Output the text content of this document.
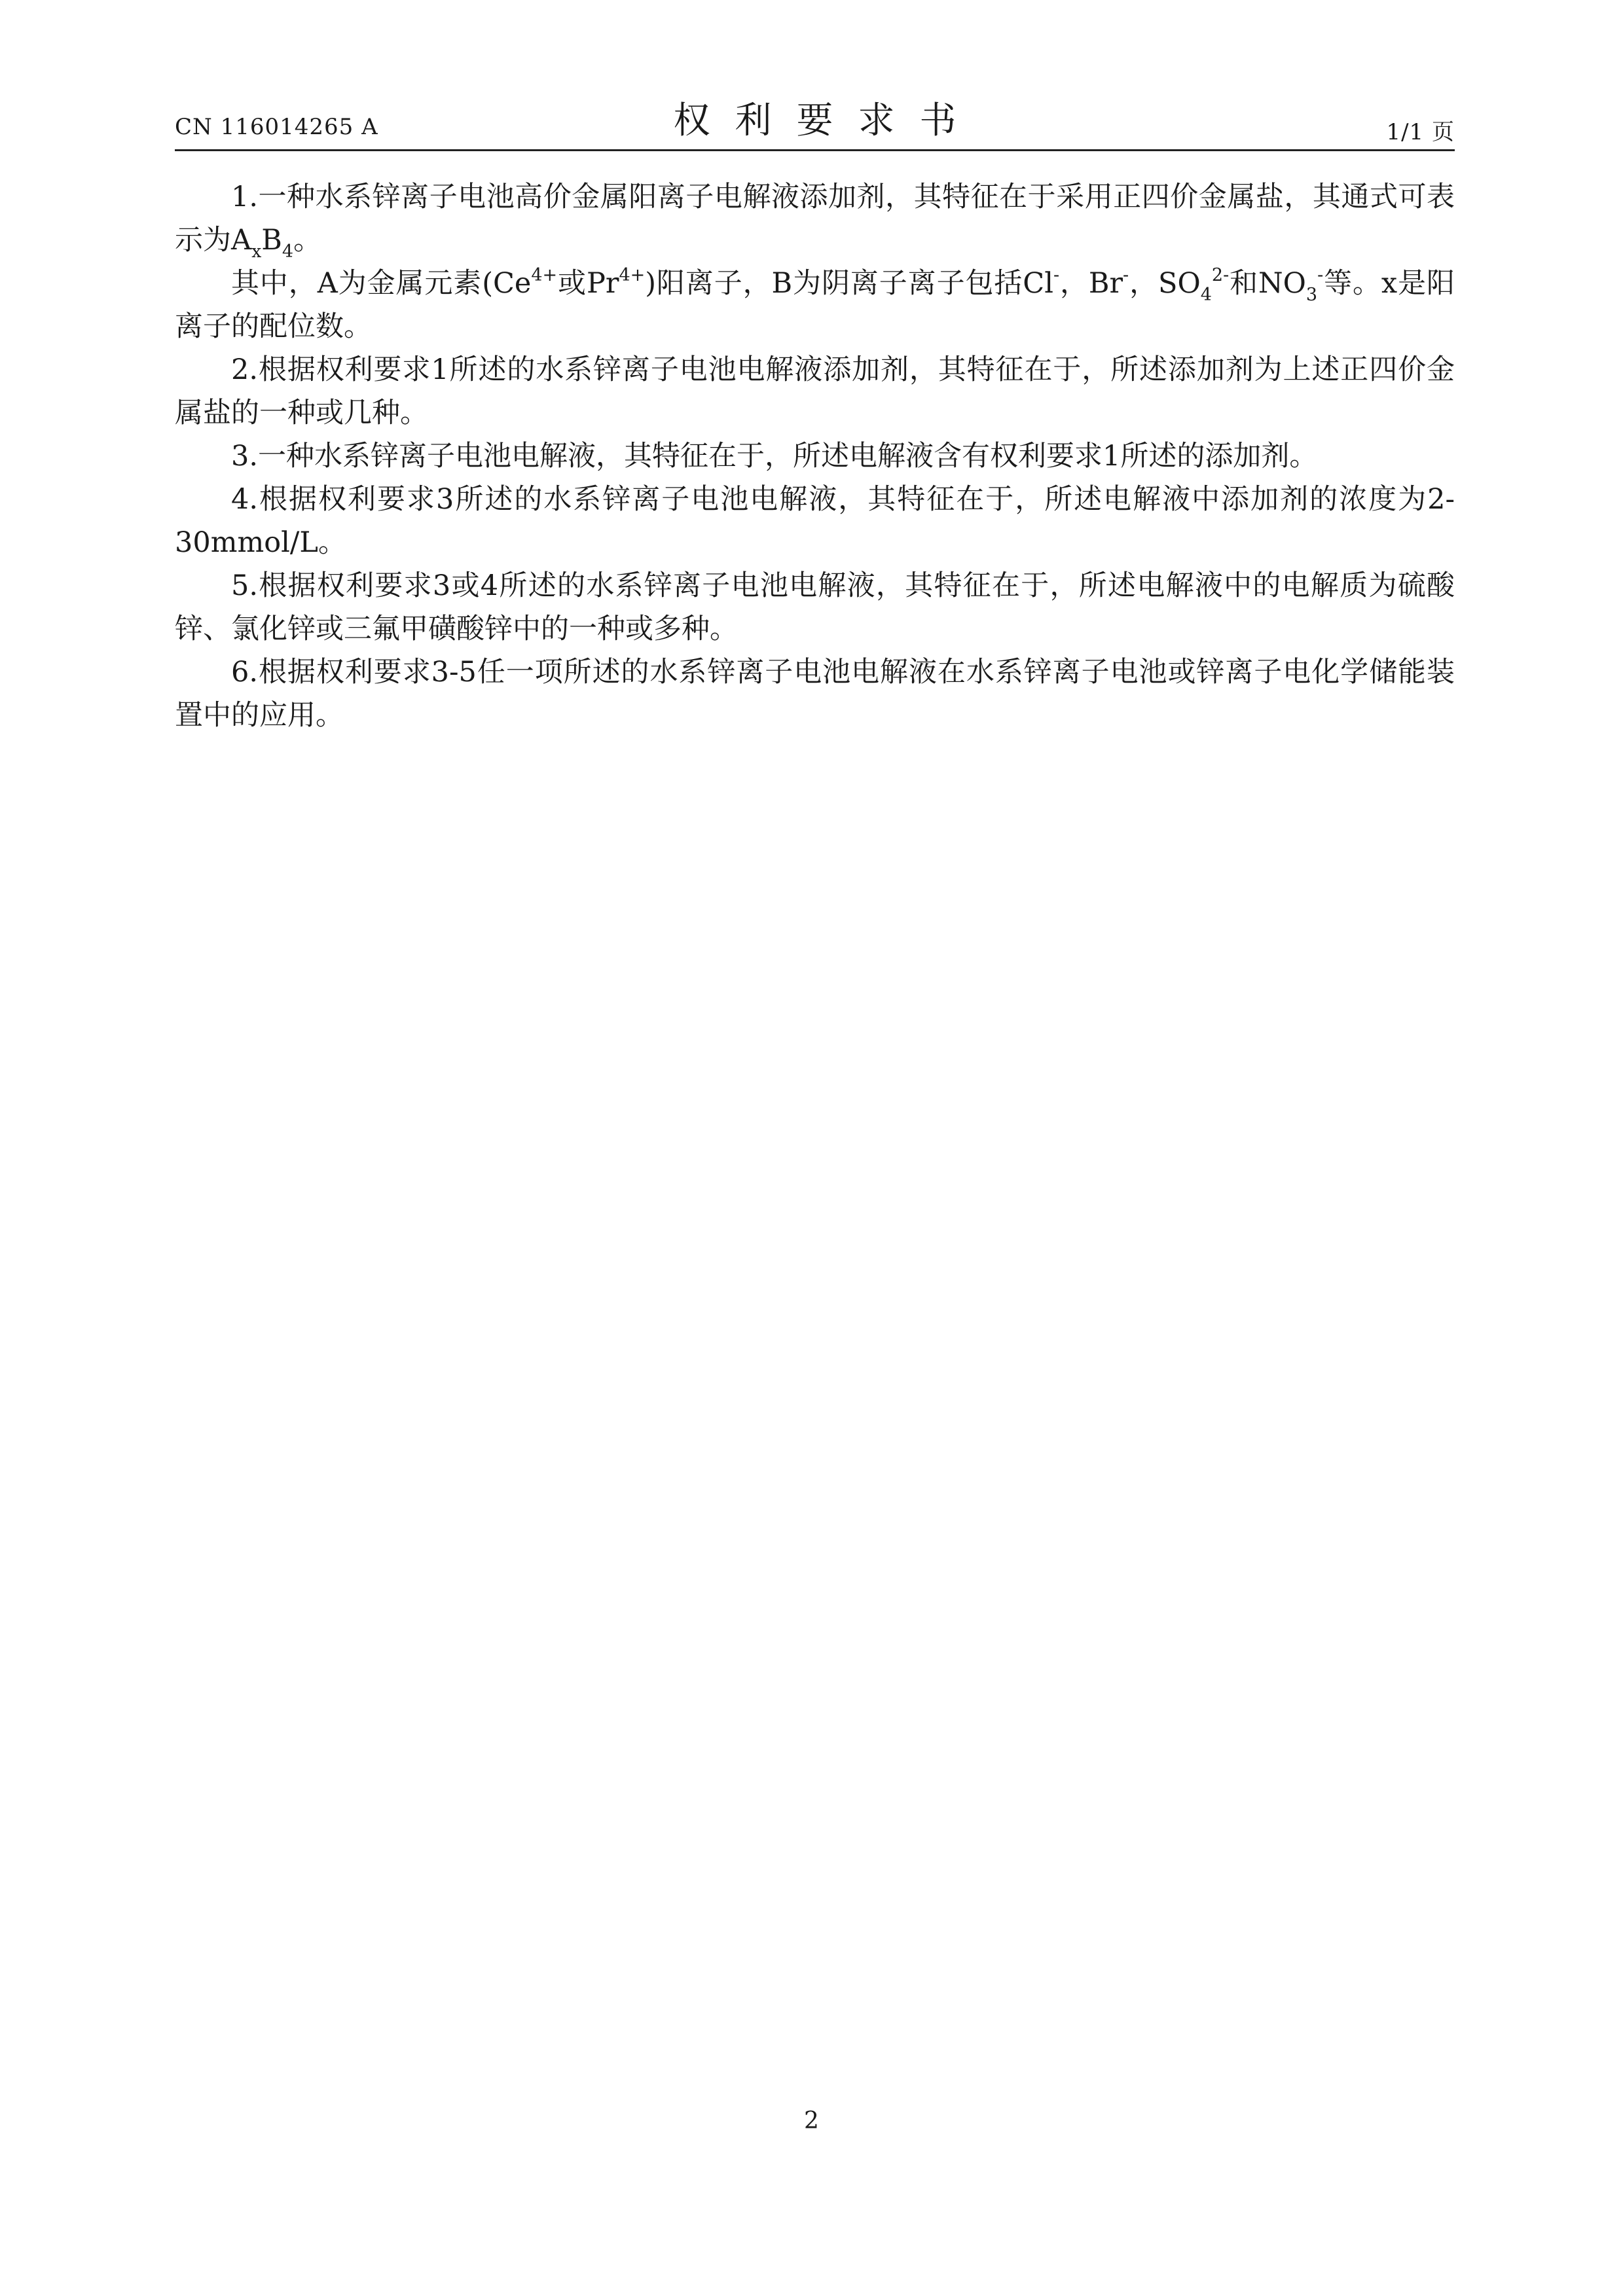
CN 116014265 A	权利要求书	1/1 页

1.一种水系锌离子电池高价金属阳离子电解液添加剂，其特征在于采用正四价金属盐，其通式可表示为$A_xB_4$。

其中，A为金属元素($Ce^{4+}$或$Pr^{4+}$)阳离子，B为阴离子离子包括Cl-，Br-，$SO_4^{2-}$和$NO_3^-$等。x是阳离子的配位数。

2.根据权利要求1所述的水系锌离子电池电解液添加剂，其特征在于，所述添加剂为上述正四价金属盐的一种或几种。

3.一种水系锌离子电池电解液，其特征在于，所述电解液含有权利要求1所述的添加剂。

4.根据权利要求3所述的水系锌离子电池电解液，其特征在于，所述电解液中添加剂的浓度为2-30mmol/L。

5.根据权利要求3或4所述的水系锌离子电池电解液，其特征在于，所述电解液中的电解质为硫酸锌、氯化锌或三氟甲磺酸锌中的一种或多种。

6.根据权利要求3-5任一项所述的水系锌离子电池电解液在水系锌离子电池或锌离子电化学储能装置中的应用。

2
